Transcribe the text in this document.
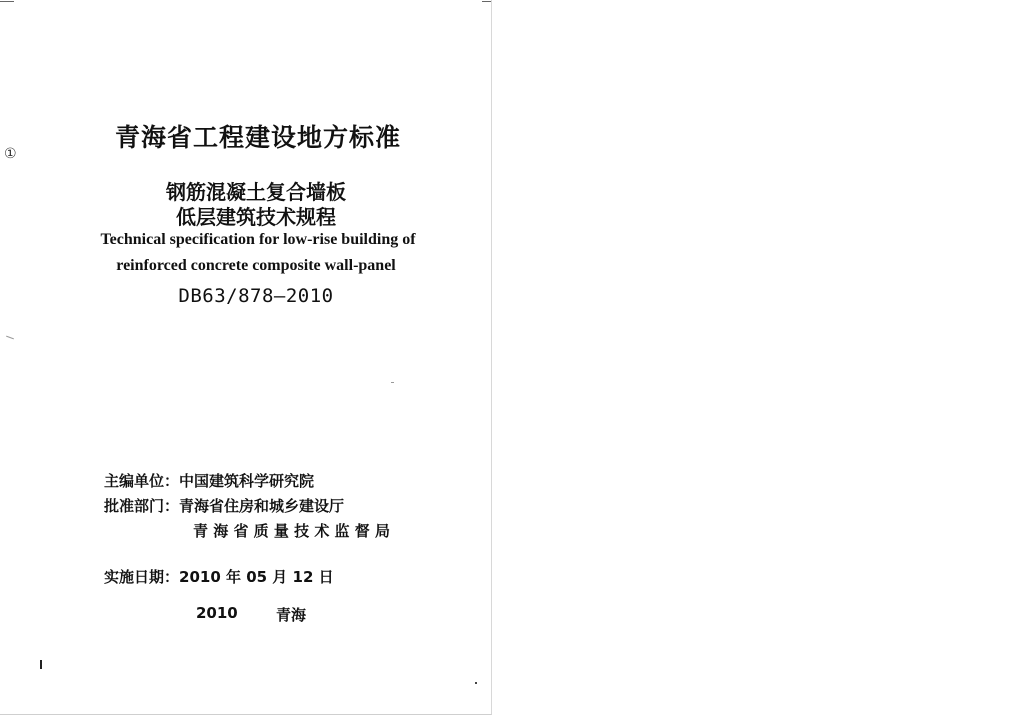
①
青海省工程建设地方标准
钢筋混凝土复合墙板
低层建筑技术规程
Technical specification for low-rise building of
reinforced concrete composite wall-panel
DB63/878—2010
主编单位：中国建筑科学研究院
批准部门：青海省住房和城乡建设厅
青 海 省 质 量 技 术 监 督 局
实施日期：2010 年 05 月 12 日
2010	青海
